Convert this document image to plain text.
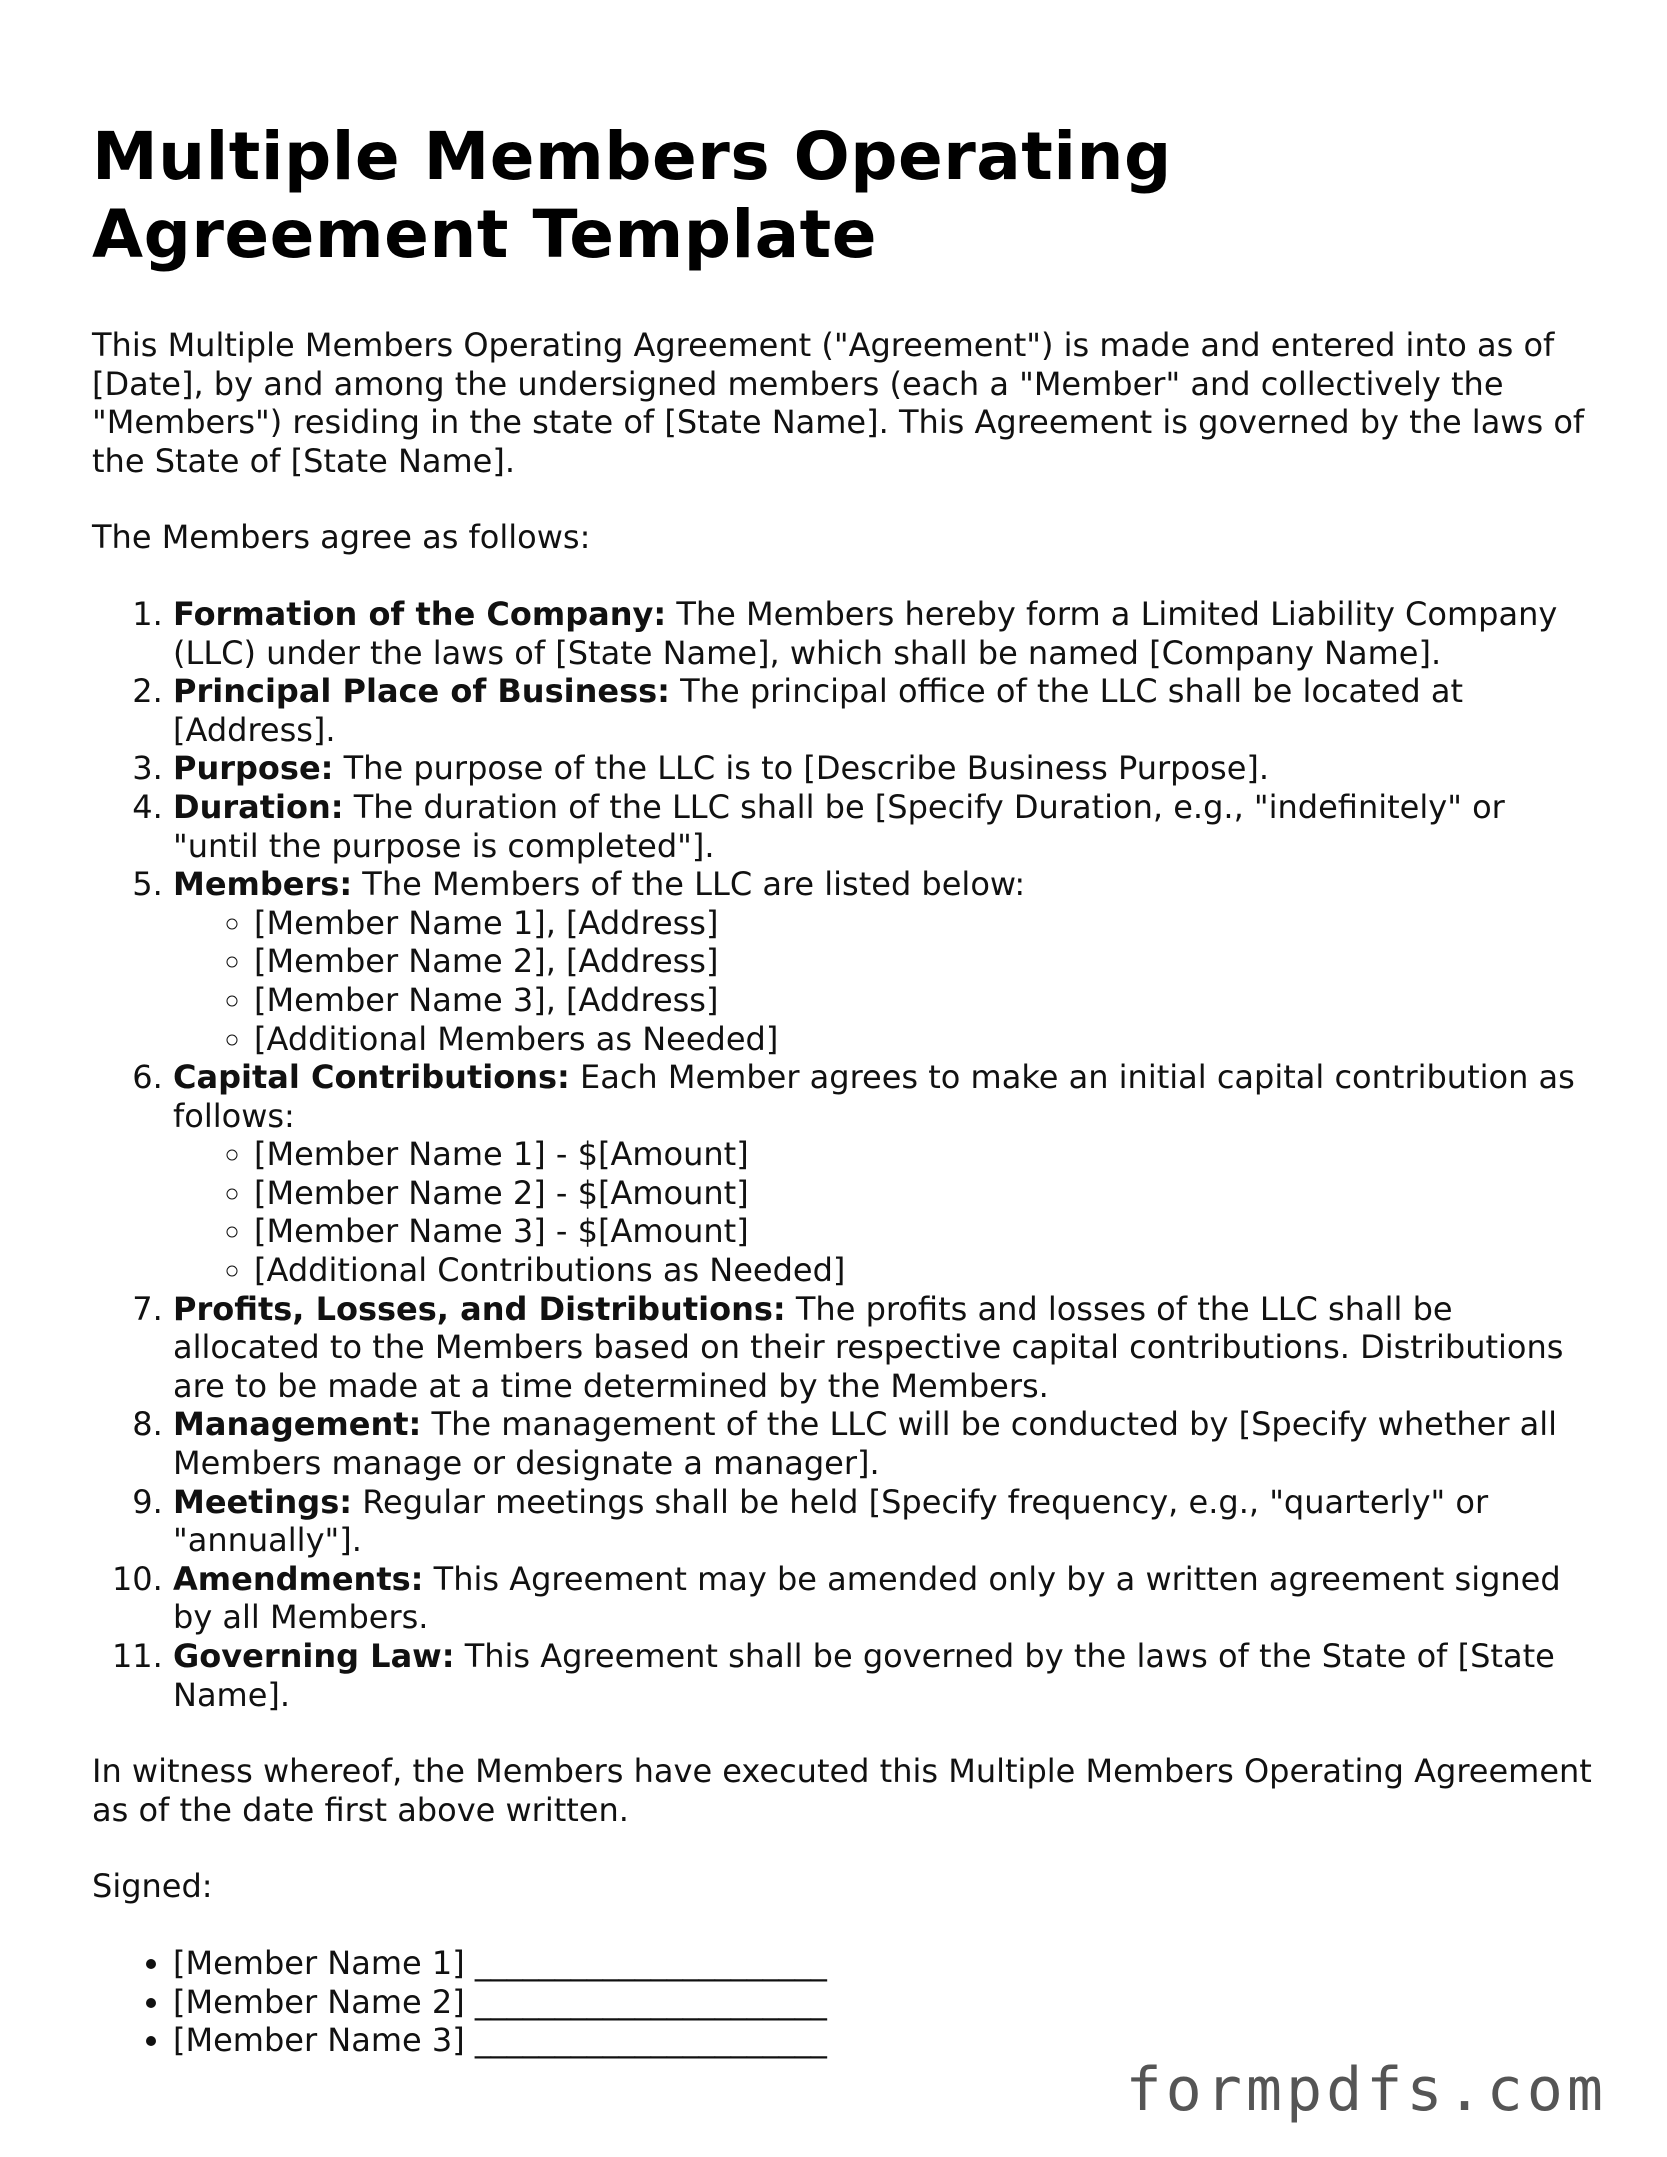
Multiple Members Operating Agreement Template

This Multiple Members Operating Agreement ("Agreement") is made and entered into as of [Date], by and among the undersigned members (each a "Member" and collectively the "Members") residing in the state of [State Name]. This Agreement is governed by the laws of the State of [State Name].

The Members agree as follows:

1. Formation of the Company: The Members hereby form a Limited Liability Company (LLC) under the laws of [State Name], which shall be named [Company Name].
2. Principal Place of Business: The principal office of the LLC shall be located at [Address].
3. Purpose: The purpose of the LLC is to [Describe Business Purpose].
4. Duration: The duration of the LLC shall be [Specify Duration, e.g., "indefinitely" or "until the purpose is completed"].
5. Members: The Members of the LLC are listed below:
◦ [Member Name 1], [Address]
◦ [Member Name 2], [Address]
◦ [Member Name 3], [Address]
◦ [Additional Members as Needed]
6. Capital Contributions: Each Member agrees to make an initial capital contribution as follows:
◦ [Member Name 1] - $[Amount]
◦ [Member Name 2] - $[Amount]
◦ [Member Name 3] - $[Amount]
◦ [Additional Contributions as Needed]
7. Profits, Losses, and Distributions: The profits and losses of the LLC shall be allocated to the Members based on their respective capital contributions. Distributions are to be made at a time determined by the Members.
8. Management: The management of the LLC will be conducted by [Specify whether all Members manage or designate a manager].
9. Meetings: Regular meetings shall be held [Specify frequency, e.g., "quarterly" or "annually"].
10. Amendments: This Agreement may be amended only by a written agreement signed by all Members.
11. Governing Law: This Agreement shall be governed by the laws of the State of [State Name].

In witness whereof, the Members have executed this Multiple Members Operating Agreement as of the date first above written.

Signed:

• [Member Name 1] ______________________
• [Member Name 2] ______________________
• [Member Name 3] ______________________
formpdfs.com
